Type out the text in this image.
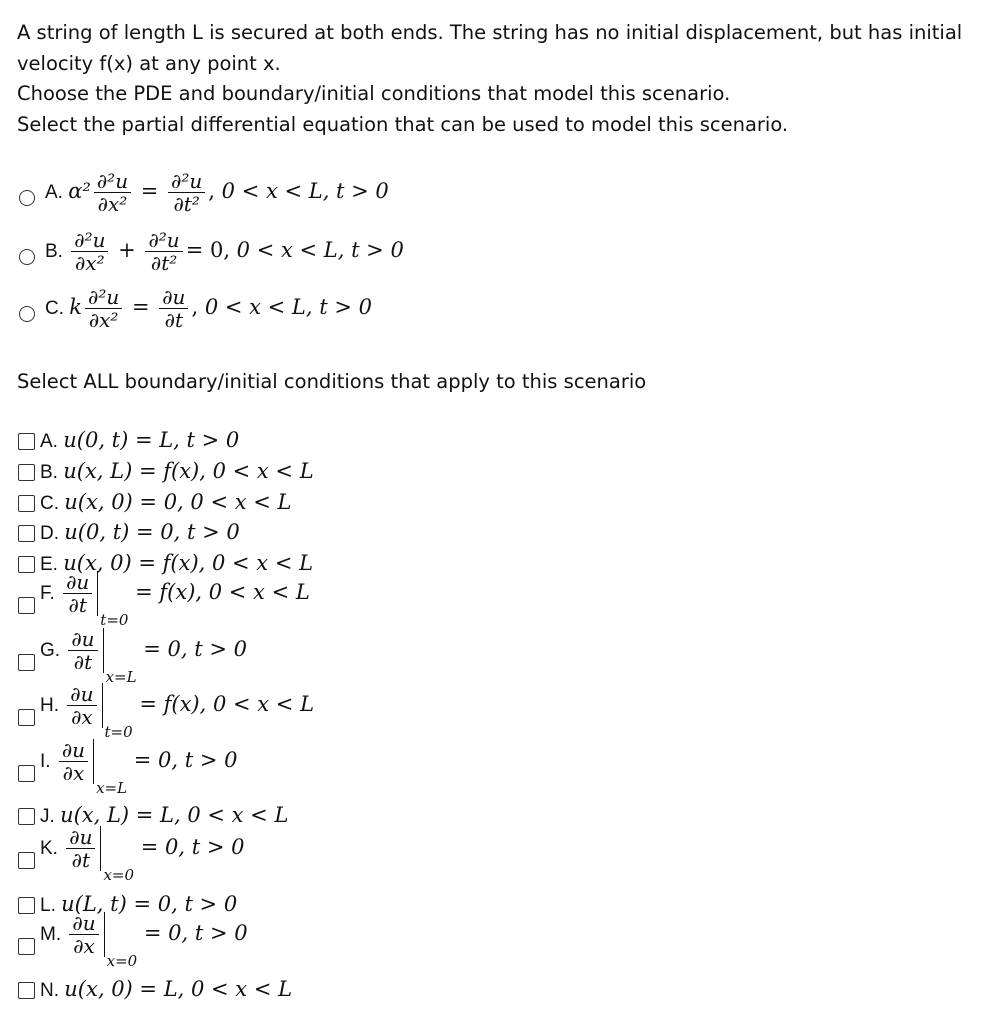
A string of length L is secured at both ends. The string has no initial displacement, but has initial
velocity f(x) at any point x.
Choose the PDE and boundary/initial conditions that model this scenario.
Select the partial differential equation that can be used to model this scenario.
A. $\alpha^2 \frac{\text{∂²u}}{\text{∂x²}} = \frac{\text{∂²u}}{\text{∂t²}}$ , 0 < x < L, t > 0
B. $\frac{\text{∂²u}}{\text{∂x²}} + \frac{\text{∂²u}}{\text{∂t²}} = 0$, 0 < x < L, t > 0
C. k $\frac{\text{∂²u}}{\text{∂x²}} = \frac{\partial u}{\partial t}$ , 0 < x < L, t > 0
Select ALL boundary/initial conditions that apply to this scenario
A. u(0, t) = L, t > 0
B. u(x, L) = f(x), 0 < x < L
C. u(x, 0) = 0, 0 < x < L
D. u(0, t) = 0, t > 0
E. u(x, 0) = f(x), 0 < x < L
F. $\frac{\partial u}{\partial t}$
t=0 = f(x), 0 < x < L
G. $\frac{\partial u}{\partial t}$
x=L = 0, t > 0
H. $\frac{\partial u}{\partial x}$
t=0 = f(x), 0 < x < L
I. $\frac{\partial u}{\partial x}$
x=L = 0, t > 0
J. u(x, L) = L, 0 < x < L
K. $\frac{\partial u}{\partial t}$
x=0 = 0, t > 0
L. u(L, t) = 0, t > 0
M. $\frac{\partial u}{\partial x}$
x=0 = 0, t > 0
N. u(x, 0) = L, 0 < x < L
